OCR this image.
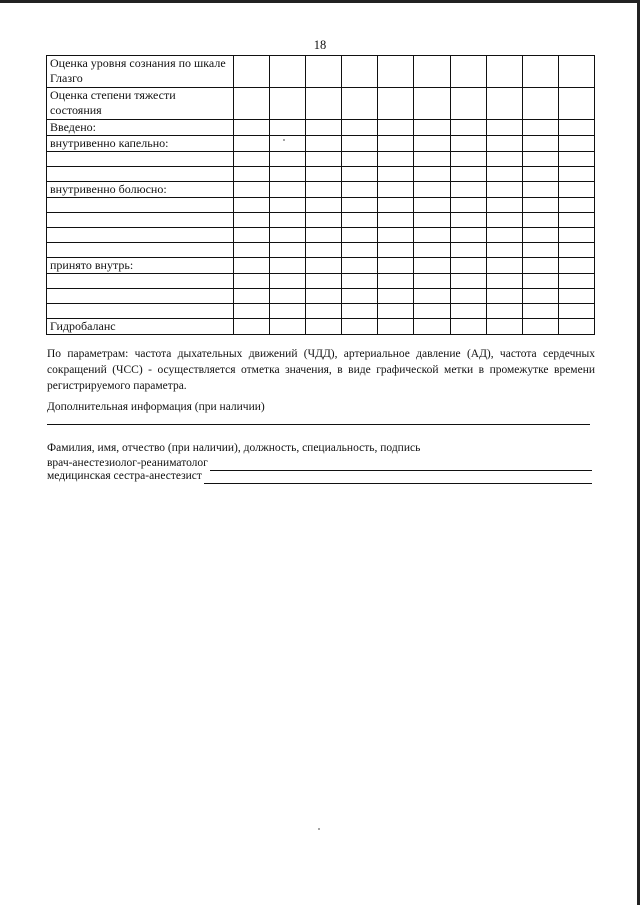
18
Оценка уровня сознания по шкале Глазго										
Оценка степени тяжести состояния										
Введено:										
внутривенно капельно:										

внутривенно болюсно:										

принято внутрь:										

Гидробаланс										
По параметрам: частота дыхательных движений (ЧДД), артериальное давление (АД), частота сердечных сокращений (ЧСС) - осуществляется отметка значения, в виде графической метки в промежутке времени регистрируемого параметра.
Дополнительная информация (при наличии)
Фамилия, имя, отчество (при наличии), должность, специальность, подпись
врач-анестезиолог-реаниматолог
медицинская сестра-анестезист
